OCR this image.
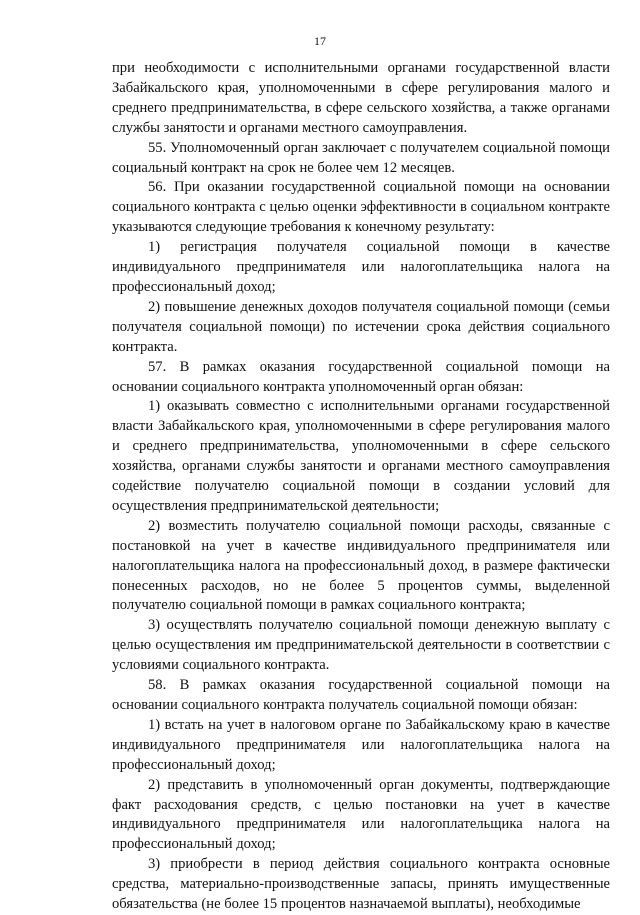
17

при необходимости с исполнительными органами государственной власти Забайкальского края, уполномоченными в сфере регулирования малого и среднего предпринимательства, в сфере сельского хозяйства, а также органами службы занятости и органами местного самоуправления.

55. Уполномоченный орган заключает с получателем социальной помощи социальный контракт на срок не более чем 12 месяцев.

56. При оказании государственной социальной помощи на основании социального контракта с целью оценки эффективности в социальном контракте указываются следующие требования к конечному результату:

1) регистрация получателя социальной помощи в качестве индивидуального предпринимателя или налогоплательщика налога на профессиональный доход;

2) повышение денежных доходов получателя социальной помощи (семьи получателя социальной помощи) по истечении срока действия социального контракта.

57. В рамках оказания государственной социальной помощи на основании социального контракта уполномоченный орган обязан:

1) оказывать совместно с исполнительными органами государственной власти Забайкальского края, уполномоченными в сфере регулирования малого и среднего предпринимательства, уполномоченными в сфере сельского хозяйства, органами службы занятости и органами местного самоуправления содействие получателю социальной помощи в создании условий для осуществления предпринимательской деятельности;

2) возместить получателю социальной помощи расходы, связанные с постановкой на учет в качестве индивидуального предпринимателя или налогоплательщика налога на профессиональный доход, в размере фактически понесенных расходов, но не более 5 процентов суммы, выделенной получателю социальной помощи в рамках социального контракта;

3) осуществлять получателю социальной помощи денежную выплату с целью осуществления им предпринимательской деятельности в соответствии с условиями социального контракта.

58. В рамках оказания государственной социальной помощи на основании социального контракта получатель социальной помощи обязан:

1) встать на учет в налоговом органе по Забайкальскому краю в качестве индивидуального предпринимателя или налогоплательщика налога на профессиональный доход;

2) представить в уполномоченный орган документы, подтверждающие факт расходования средств, с целью постановки на учет в качестве индивидуального предпринимателя или налогоплательщика налога на профессиональный доход;

3) приобрести в период действия социального контракта основные средства, материально-производственные запасы, принять имущественные обязательства (не более 15 процентов назначаемой выплаты), необходимые
